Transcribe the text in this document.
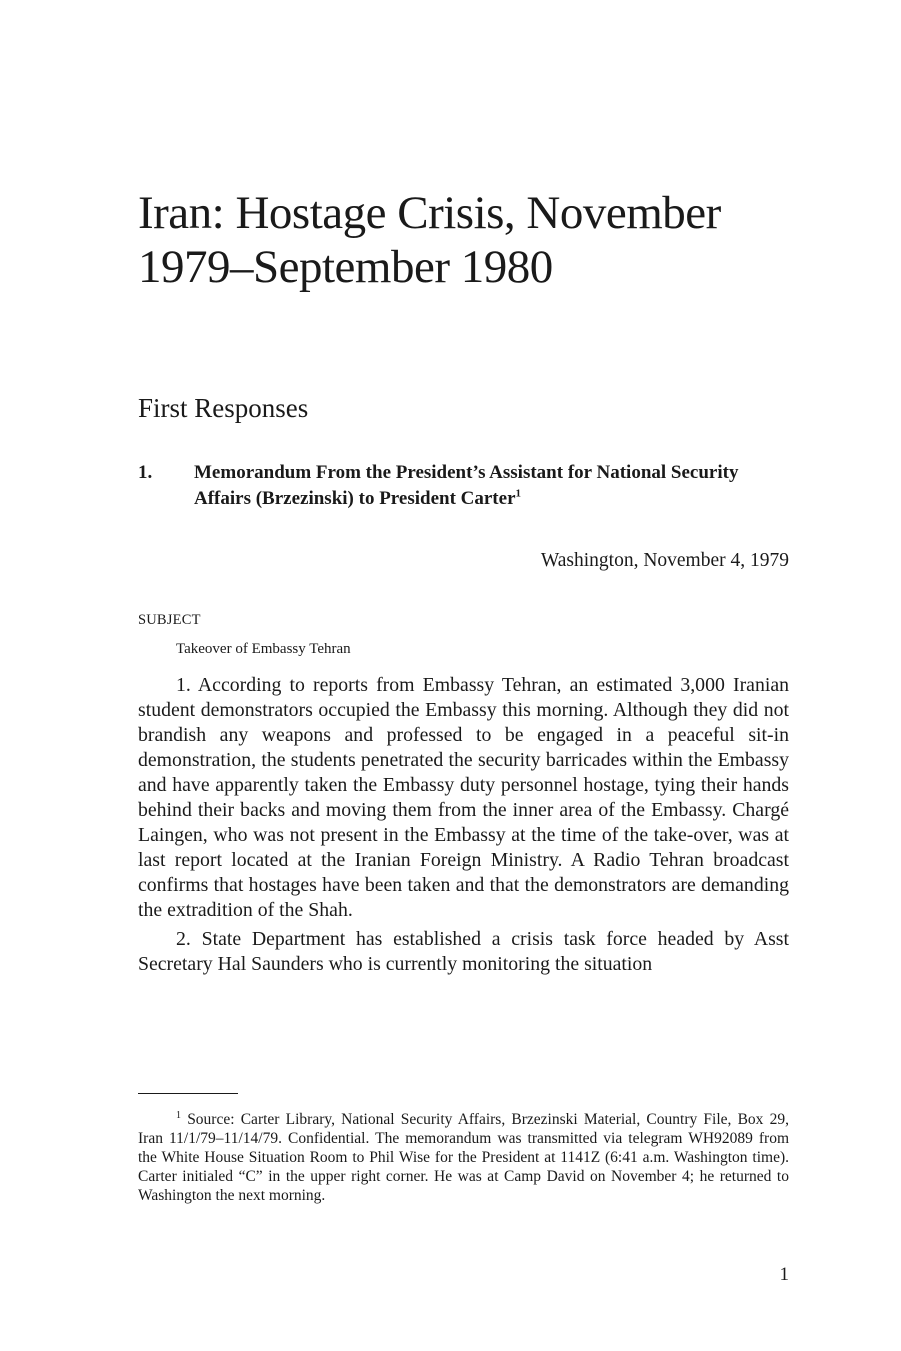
Iran: Hostage Crisis, November 1979–September 1980
First Responses
1. Memorandum From the President’s Assistant for National Security Affairs (Brzezinski) to President Carter$^1$
Washington, November 4, 1979
SUBJECT
Takeover of Embassy Tehran

1. According to reports from Embassy Tehran, an estimated 3,000 Iranian student demonstrators occupied the Embassy this morning. Although they did not brandish any weapons and professed to be engaged in a peaceful sit-in demonstration, the students penetrated the security barricades within the Embassy and have apparently taken the Embassy duty personnel hostage, tying their hands behind their backs and moving them from the inner area of the Embassy. Chargé Laingen, who was not present in the Embassy at the time of the take-over, was at last report located at the Iranian Foreign Ministry. A Radio Tehran broadcast confirms that hostages have been taken and that the demonstrators are demanding the extradition of the Shah.

2. State Department has established a crisis task force headed by Asst Secretary Hal Saunders who is currently monitoring the situation

$^1$ Source: Carter Library, National Security Affairs, Brzezinski Material, Country File, Box 29, Iran 11/1/79–11/14/79. Confidential. The memorandum was transmitted via telegram WH92089 from the White House Situation Room to Phil Wise for the President at 1141Z (6:41 a.m. Washington time). Carter initialed “C” in the upper right corner. He was at Camp David on November 4; he returned to Washington the next morning.

1
